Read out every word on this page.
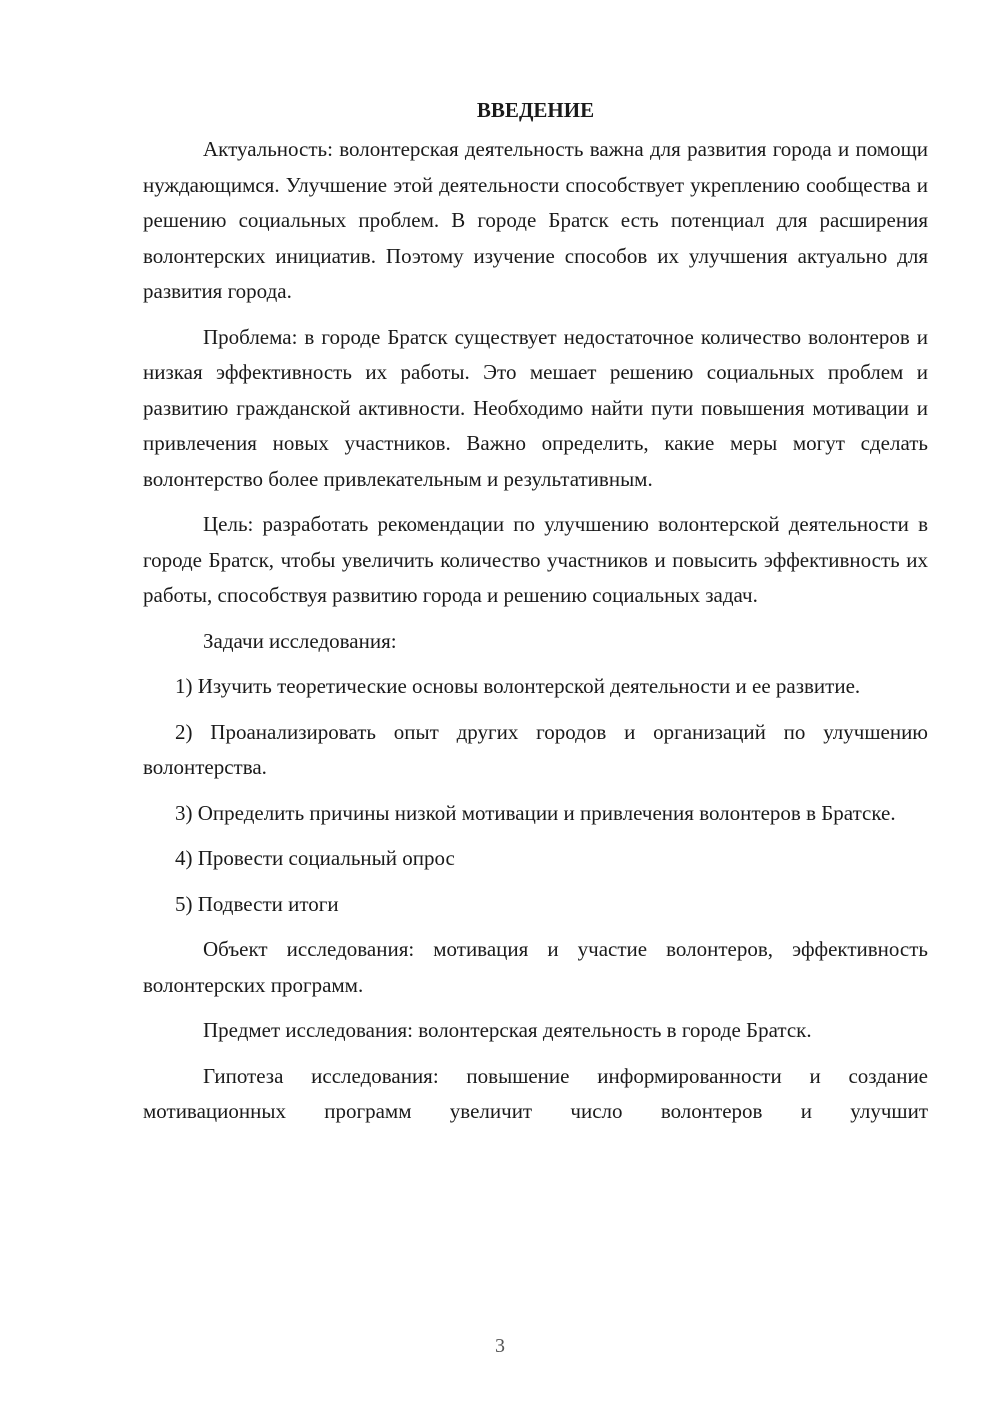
ВВЕДЕНИЕ

Актуальность: волонтерская деятельность важна для развития города и помощи нуждающимся. Улучшение этой деятельности способствует укреплению сообщества и решению социальных проблем. В городе Братск есть потенциал для расширения волонтерских инициатив. Поэтому изучение способов их улучшения актуально для развития города.

Проблема: в городе Братск существует недостаточное количество волонтеров и низкая эффективность их работы. Это мешает решению социальных проблем и развитию гражданской активности. Необходимо найти пути повышения мотивации и привлечения новых участников. Важно определить, какие меры могут сделать волонтерство более привлекательным и результативным.

Цель: разработать рекомендации по улучшению волонтерской деятельности в городе Братск, чтобы увеличить количество участников и повысить эффективность их работы, способствуя развитию города и решению социальных задач.

Задачи исследования:

1) Изучить теоретические основы волонтерской деятельности и ее развитие.

2) Проанализировать опыт других городов и организаций по улучшению волонтерства.

3) Определить причины низкой мотивации и привлечения волонтеров в Братске.

4) Провести социальный опрос

5) Подвести итоги

Объект исследования: мотивация и участие волонтеров, эффективность волонтерских программ.

Предмет исследования: волонтерская деятельность в городе Братск.

Гипотеза исследования: повышение информированности и создание мотивационных программ увеличит число волонтеров и улучшит

3
